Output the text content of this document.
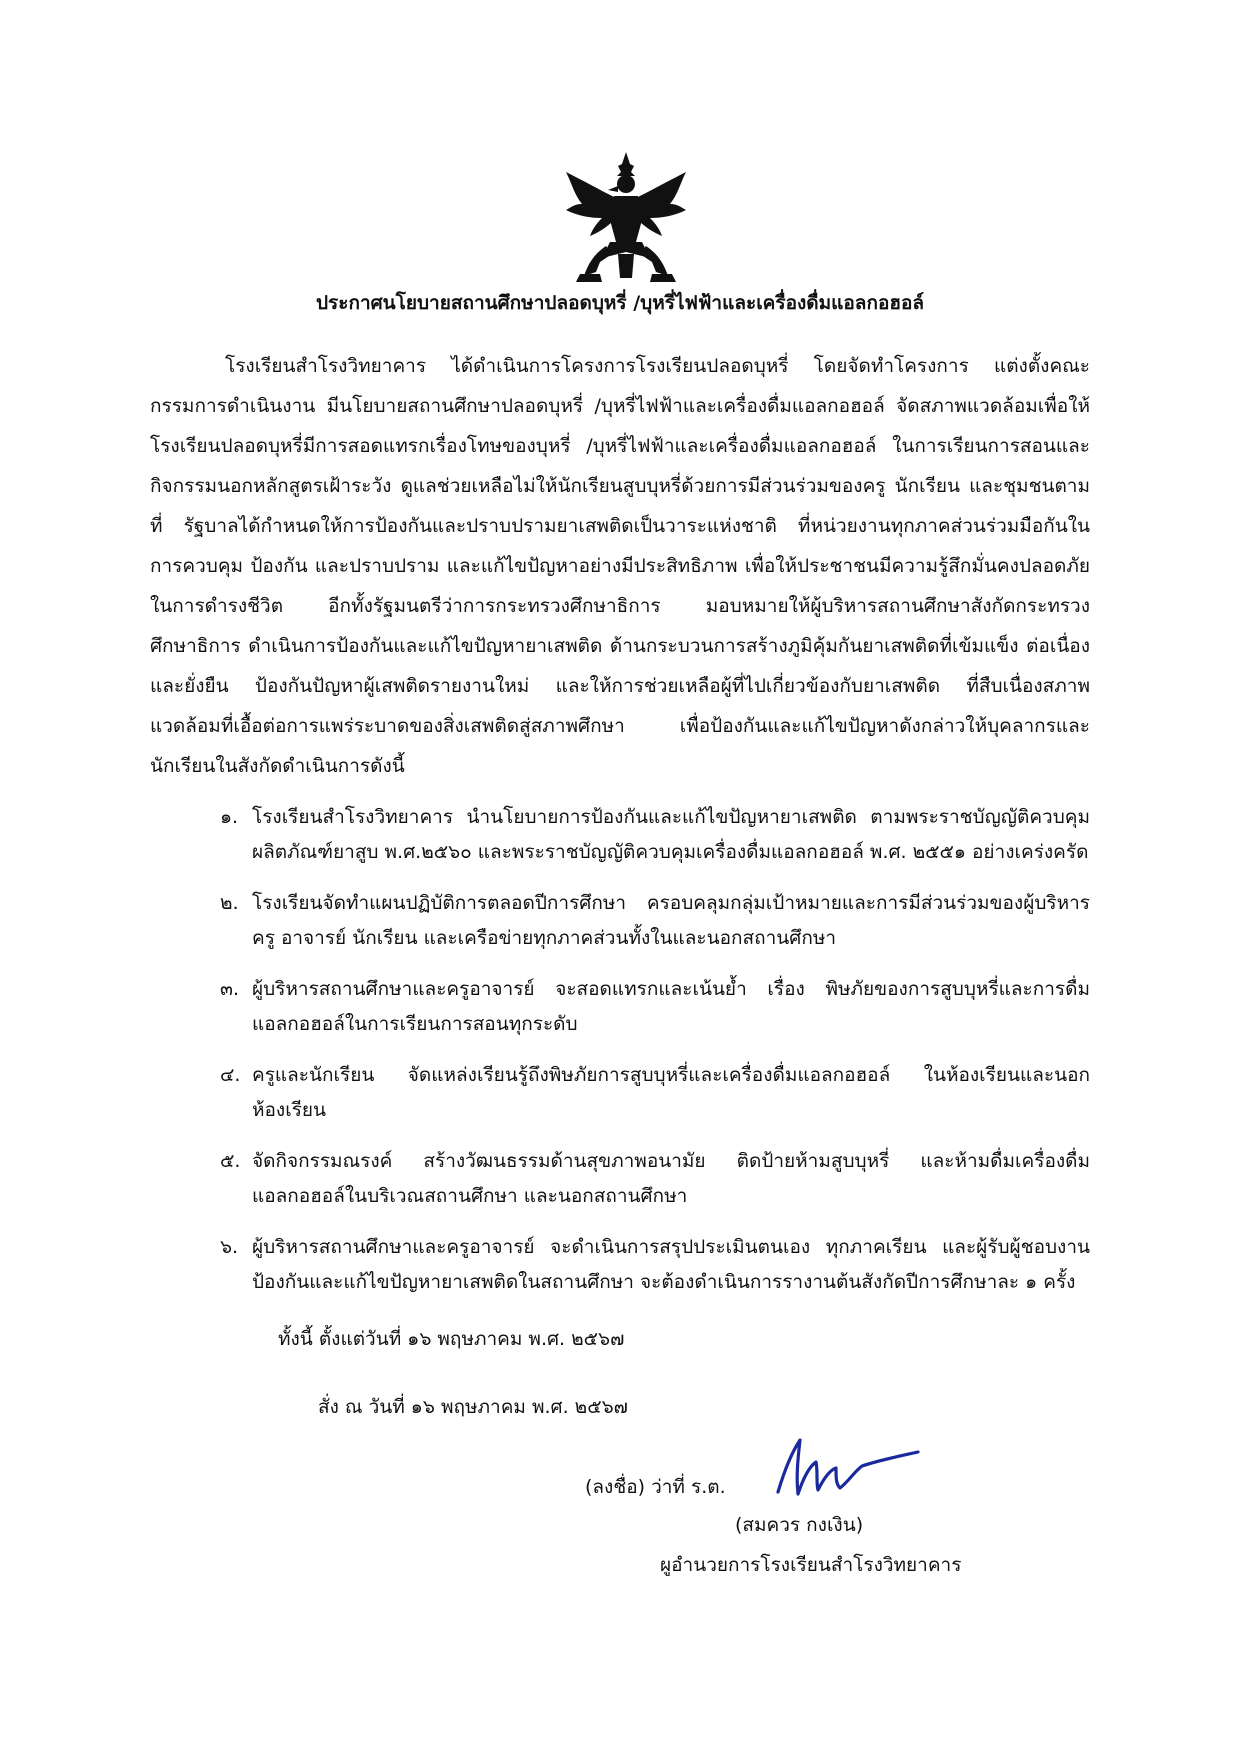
ประกาศนโยบายสถานศึกษาปลอดบุหรี่ /บุหรี่ไฟฟ้าและเครื่องดื่มแอลกอฮอล์

โรงเรียนสำโรงวิทยาคาร ได้ดำเนินการโครงการโรงเรียนปลอดบุหรี่ โดยจัดทำโครงการ แต่งตั้งคณะกรรมการดำเนินงาน มีนโยบายสถานศึกษาปลอดบุหรี่ /บุหรี่ไฟฟ้าและเครื่องดื่มแอลกอฮอล์ จัดสภาพแวดล้อมเพื่อให้โรงเรียนปลอดบุหรี่มีการสอดแทรกเรื่องโทษของบุหรี่ /บุหรี่ไฟฟ้าและเครื่องดื่มแอลกอฮอล์ ในการเรียนการสอนและกิจกรรมนอกหลักสูตรเฝ้าระวัง ดูแลช่วยเหลือไม่ให้นักเรียนสูบบุหรี่ด้วยการมีส่วนร่วมของครู นักเรียน และชุมชนตามที่ รัฐบาลได้กำหนดให้การป้องกันและปราบปรามยาเสพติดเป็นวาระแห่งชาติ ที่หน่วยงานทุกภาคส่วนร่วมมือกันในการควบคุม ป้องกัน และปราบปราม และแก้ไขปัญหาอย่างมีประสิทธิภาพ เพื่อให้ประชาชนมีความรู้สึกมั่นคงปลอดภัยในการดำรงชีวิต อีกทั้งรัฐมนตรีว่าการกระทรวงศึกษาธิการ มอบหมายให้ผู้บริหารสถานศึกษาสังกัดกระทรวงศึกษาธิการ ดำเนินการป้องกันและแก้ไขปัญหายาเสพติด ด้านกระบวนการสร้างภูมิคุ้มกันยาเสพติดที่เข้มแข็ง ต่อเนื่อง และยั่งยืน ป้องกันปัญหาผู้เสพติดรายงานใหม่ และให้การช่วยเหลือผู้ที่ไปเกี่ยวข้องกับยาเสพติด ที่สืบเนื่องสภาพแวดล้อมที่เอื้อต่อการแพร่ระบาดของสิ่งเสพติดสู่สภาพศึกษา เพื่อป้องกันและแก้ไขปัญหาดังกล่าวให้บุคลากรและนักเรียนในสังกัดดำเนินการดังนี้

๑. โรงเรียนสำโรงวิทยาคาร นำนโยบายการป้องกันและแก้ไขปัญหายาเสพติด ตามพระราชบัญญัติควบคุมผลิตภัณฑ์ยาสูบ พ.ศ.๒๕๖๐ และพระราชบัญญัติควบคุมเครื่องดื่มแอลกอฮอล์ พ.ศ. ๒๕๕๑ อย่างเคร่งครัด
๒. โรงเรียนจัดทำแผนปฏิบัติการตลอดปีการศึกษา ครอบคลุมกลุ่มเป้าหมายและการมีส่วนร่วมของผู้บริหาร ครู อาจารย์ นักเรียน และเครือข่ายทุกภาคส่วนทั้งในและนอกสถานศึกษา
๓. ผู้บริหารสถานศึกษาและครูอาจารย์ จะสอดแทรกและเน้นย้ำ เรื่อง พิษภัยของการสูบบุหรี่และการดื่มแอลกอฮอล์ในการเรียนการสอนทุกระดับ
๔. ครูและนักเรียน จัดแหล่งเรียนรู้ถึงพิษภัยการสูบบุหรี่และเครื่องดื่มแอลกอฮอล์ ในห้องเรียนและนอกห้องเรียน
๕. จัดกิจกรรมณรงค์ สร้างวัฒนธรรมด้านสุขภาพอนามัย ติดป้ายห้ามสูบบุหรี่ และห้ามดื่มเครื่องดื่มแอลกอฮอล์ในบริเวณสถานศึกษา และนอกสถานศึกษา
๖. ผู้บริหารสถานศึกษาและครูอาจารย์ จะดำเนินการสรุปประเมินตนเอง ทุกภาคเรียน และผู้รับผู้ชอบงานป้องกันและแก้ไขปัญหายาเสพติดในสถานศึกษา จะต้องดำเนินการรางานต้นสังกัดปีการศึกษาละ ๑ ครั้ง
ทั้งนี้ ตั้งแต่วันที่ ๑๖ พฤษภาคม พ.ศ. ๒๕๖๗
สั่ง ณ วันที่ ๑๖ พฤษภาคม พ.ศ. ๒๕๖๗
(ลงชื่อ) ว่าที่ ร.ต.
(สมควร กงเงิน)
ผูอำนวยการโรงเรียนสำโรงวิทยาคาร
